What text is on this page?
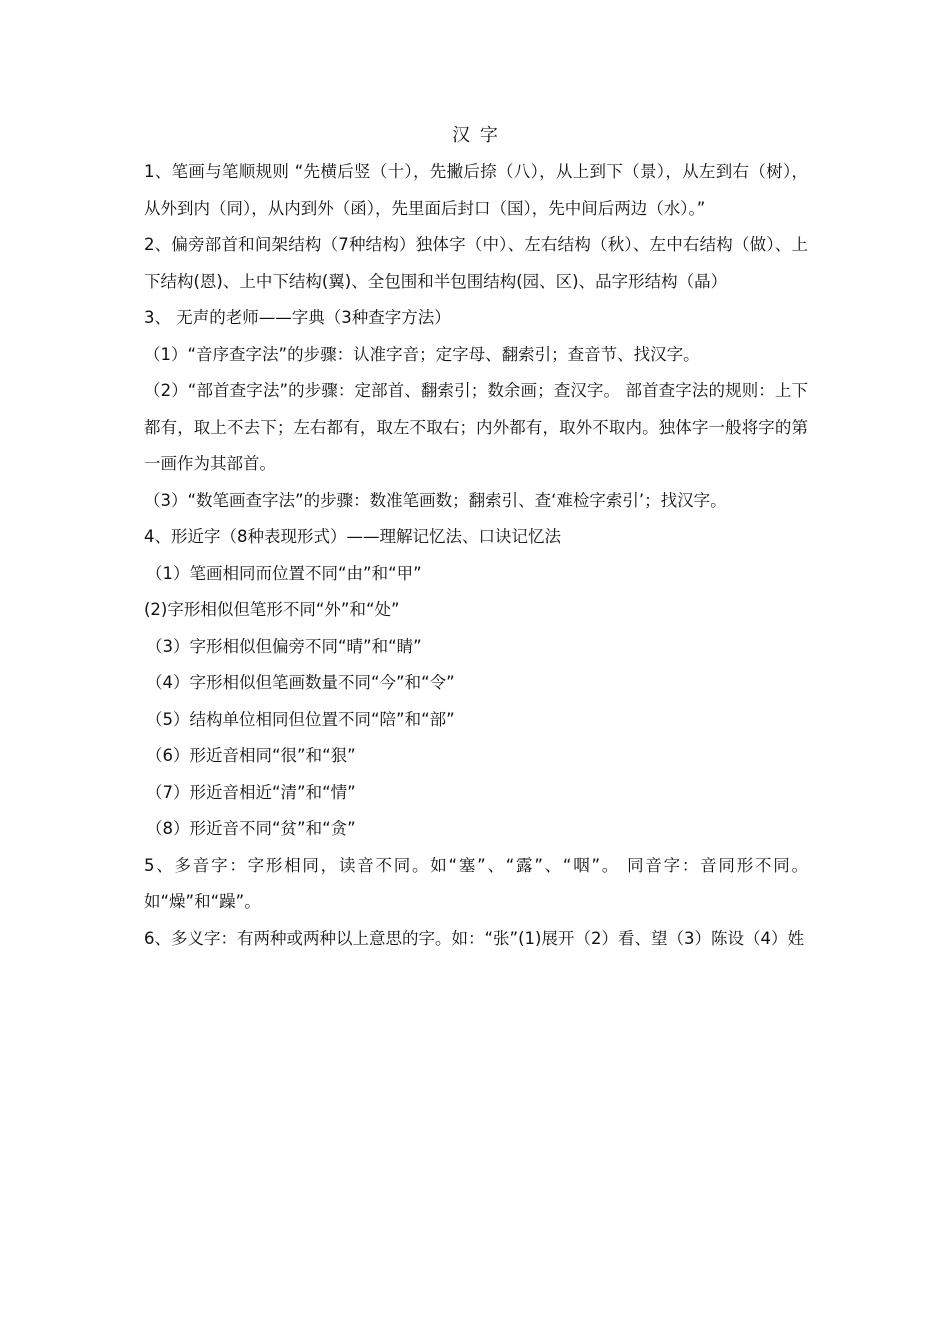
汉 字

1、笔画与笔顺规则 “先横后竖（十），先撇后捺（八），从上到下（景），从左到右（树），从外到内（同），从内到外（函），先里面后封口（国），先中间后两边（水）。”

2、偏旁部首和间架结构（7种结构）独体字（中）、左右结构（秋）、左中右结构（做）、上下结构(恩)、上中下结构(翼)、全包围和半包围结构(园、区)、品字形结构（晶）

3、 无声的老师——字典（3种查字方法）

（1）“音序查字法”的步骤：认准字音；定字母、翻索引；查音节、找汉字。

（2）“部首查字法”的步骤：定部首、翻索引；数余画；查汉字。 部首查字法的规则：上下都有，取上不去下；左右都有，取左不取右；内外都有，取外不取内。独体字一般将字的第一画作为其部首。

（3）“数笔画查字法”的步骤：数准笔画数；翻索引、查‘难检字索引’；找汉字。

4、形近字（8种表现形式）——理解记忆法、口诀记忆法

（1）笔画相同而位置不同“由”和“甲”

(2)字形相似但笔形不同“外”和“处”

（3）字形相似但偏旁不同“晴”和“睛”

（4）字形相似但笔画数量不同“今”和“令”

（5）结构单位相同但位置不同“陪”和“部”

（6）形近音相同“很”和“狠”

（7）形近音相近“清”和“情”

（8）形近音不同“贫”和“贪”

5、多音字：字形相同，读音不同。如“塞”、“露”、“咽”。 同音字：音同形不同。如“燥”和“躁”。

6、多义字：有两种或两种以上意思的字。如：“张”(1)展开（2）看、望（3）陈设（4）姓
